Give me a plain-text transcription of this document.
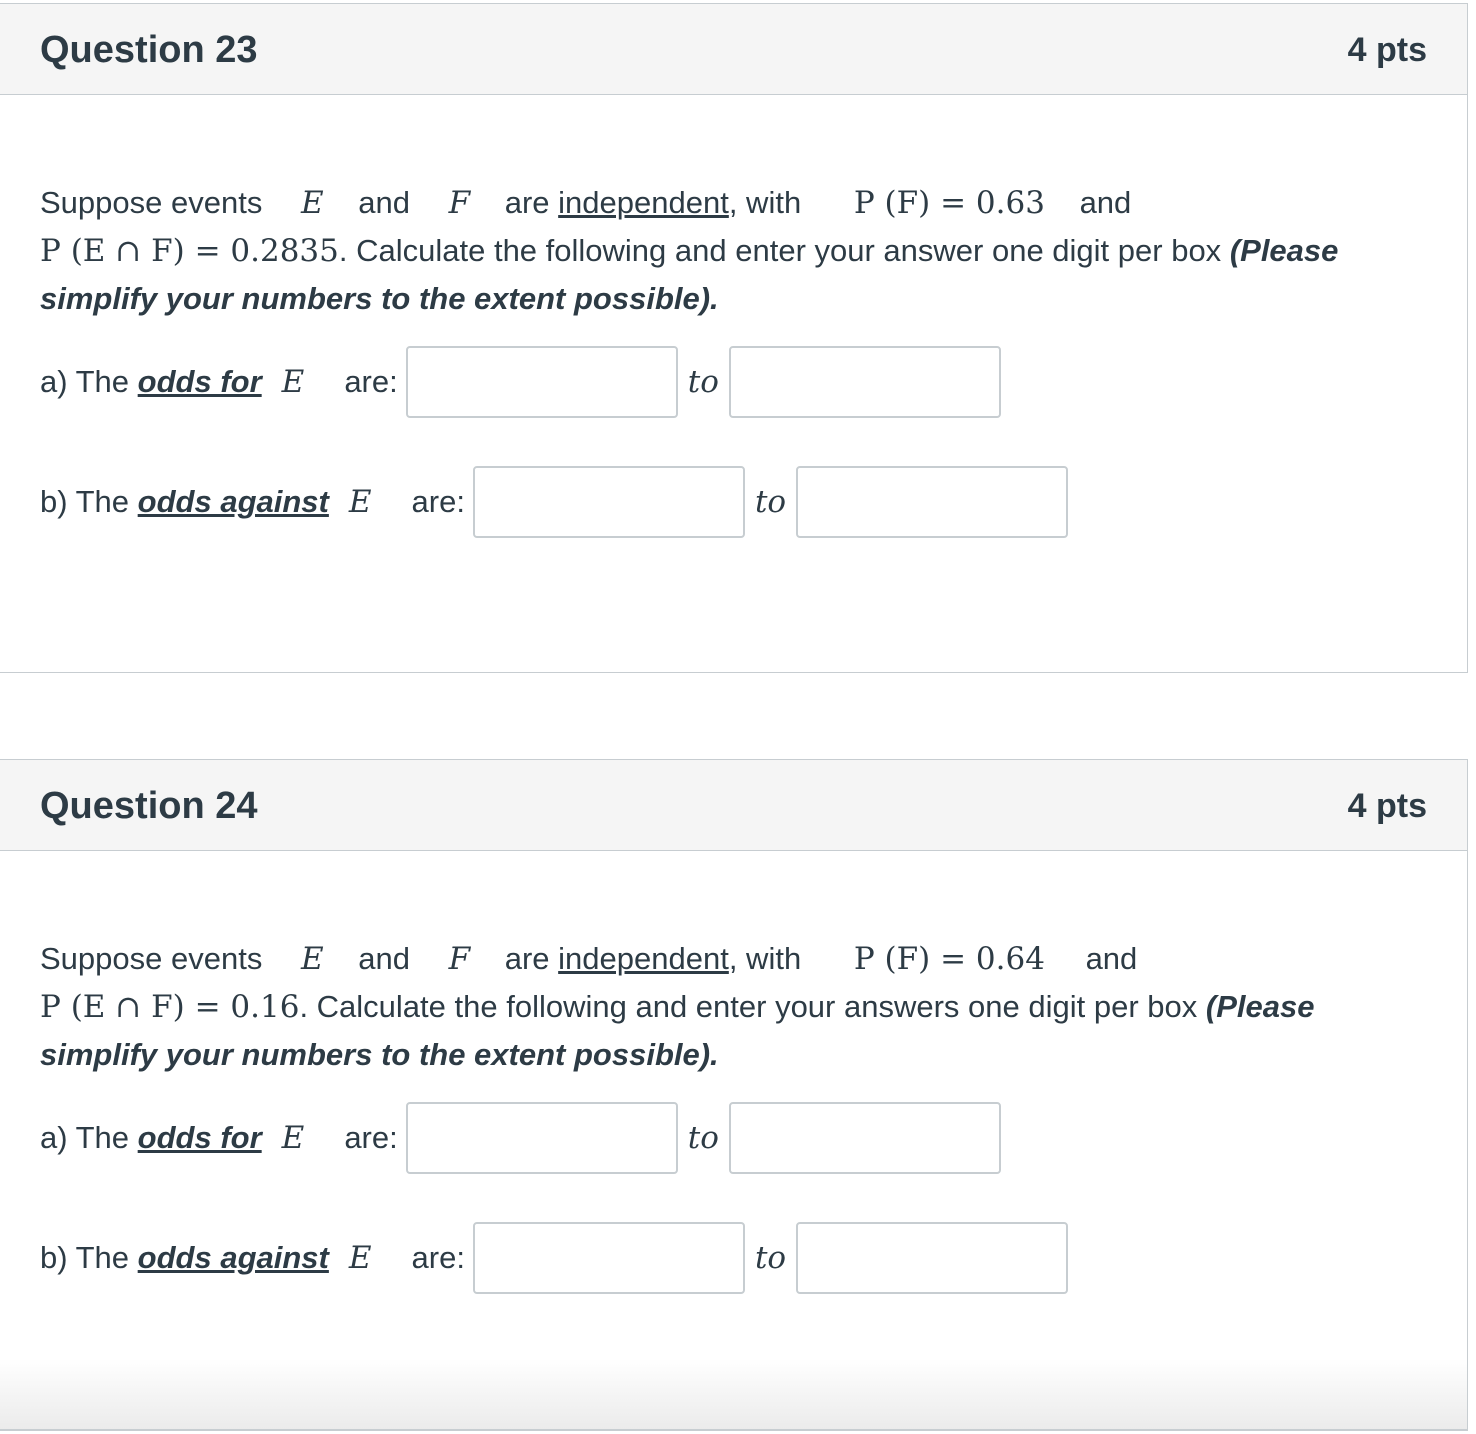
Question 23	4 pts
Suppose events E and F are independent, with P (F) = 0.63 and
P (E ∩ F) = 0.2835. Calculate the following and enter your answer one digit per box (Please simplify your numbers to the extent possible).
a) The
odds for E are:	to
b) The
odds against E are:	to
Question 24	4 pts
Suppose events E and F are independent, with P (F) = 0.64 and
P (E ∩ F) = 0.16. Calculate the following and enter your answers one digit per box (Please simplify your numbers to the extent possible).
a) The
odds for E are:	to
b) The
odds against E are:	to
